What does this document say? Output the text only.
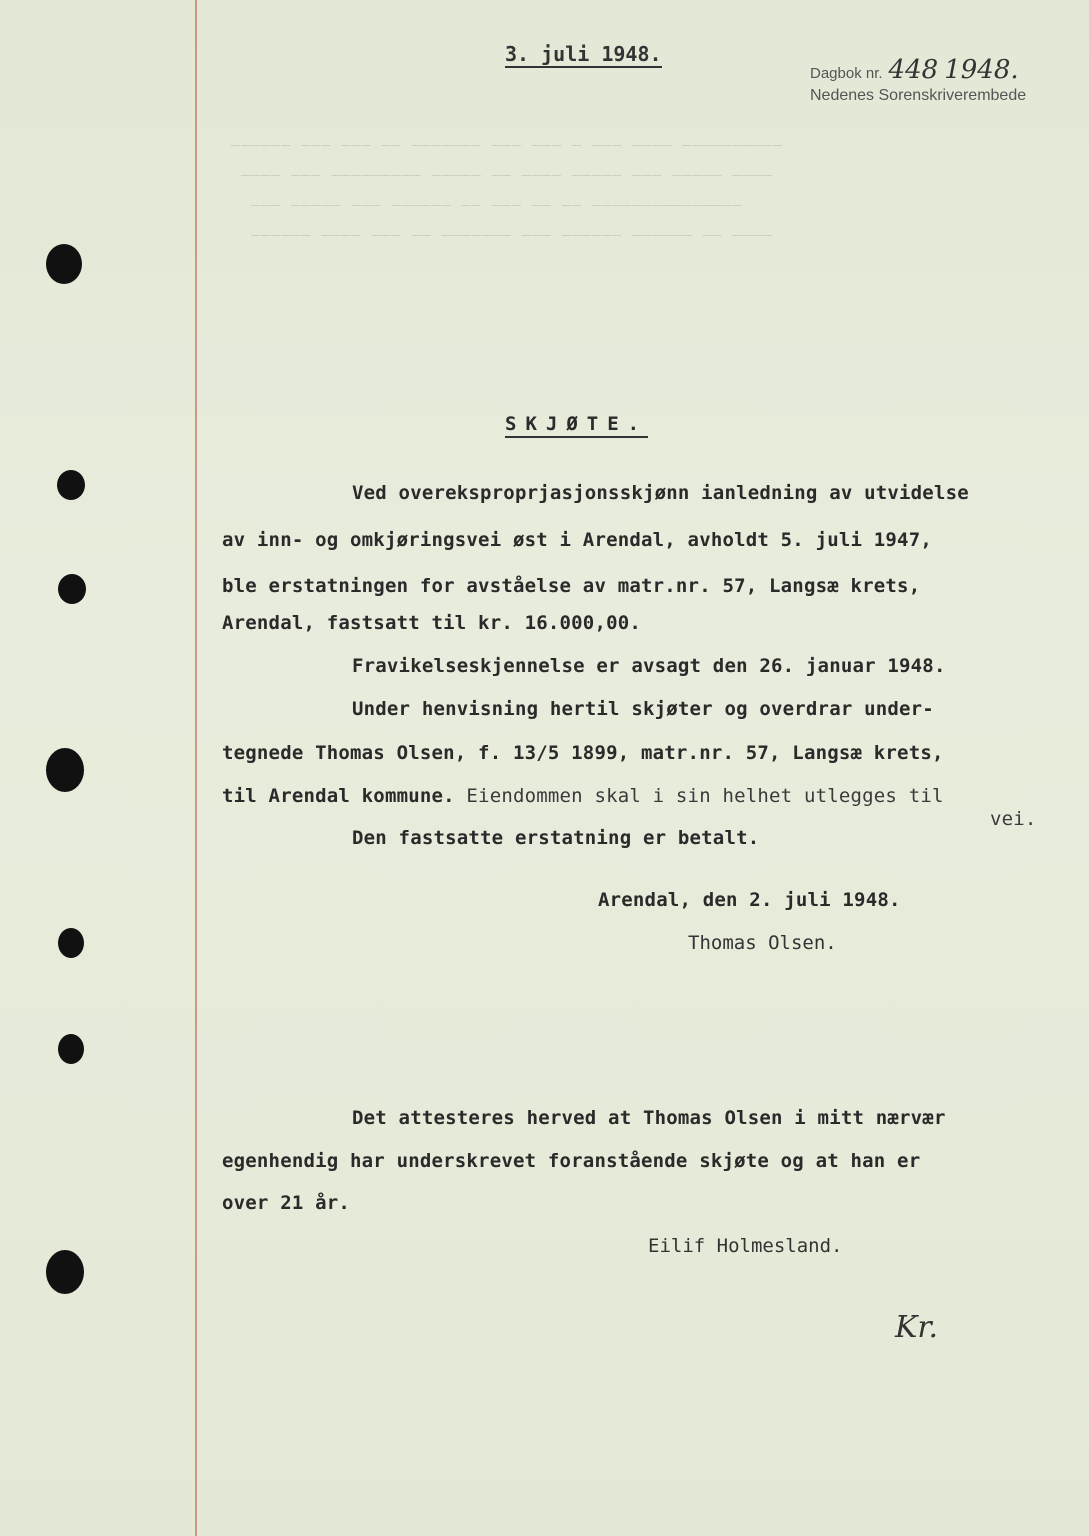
__________ ____ ___ _ ___ ___ _______ __ ___ ___ ______
____ _____ ___ _____ ____ __ _____ _________ ___ ____
_______________ __ __ ___ __ ______ ___ _____ ___
____ __ ______ ______ ___ _______ __ ___ ____ ______
3. juli 1948.
Dagbok nr. 448 1948.
Nedenes Sorenskriverembede
SKJØTE.
Ved overeksproprjasjonsskjønn ianledning av utvidelse
av inn- og omkjøringsvei øst i Arendal, avholdt 5. juli 1947,
ble erstatningen for avståelse av matr.nr. 57, Langsæ krets,
Arendal, fastsatt til kr. 16.000,00.
Fravikelseskjennelse er avsagt den 26. januar 1948.
Under henvisning hertil skjøter og overdrar under-
tegnede Thomas Olsen, f. 13/5 1899, matr.nr. 57, Langsæ krets,
til Arendal kommune. Eiendommen skal i sin helhet utlegges til
vei.
Den fastsatte erstatning er betalt.
Arendal, den 2. juli 1948.
Thomas Olsen.
Det attesteres herved at Thomas Olsen i mitt nærvær
egenhendig har underskrevet foranstående skjøte og at han er
over 21 år.
Eilif Holmesland.
Kr.
